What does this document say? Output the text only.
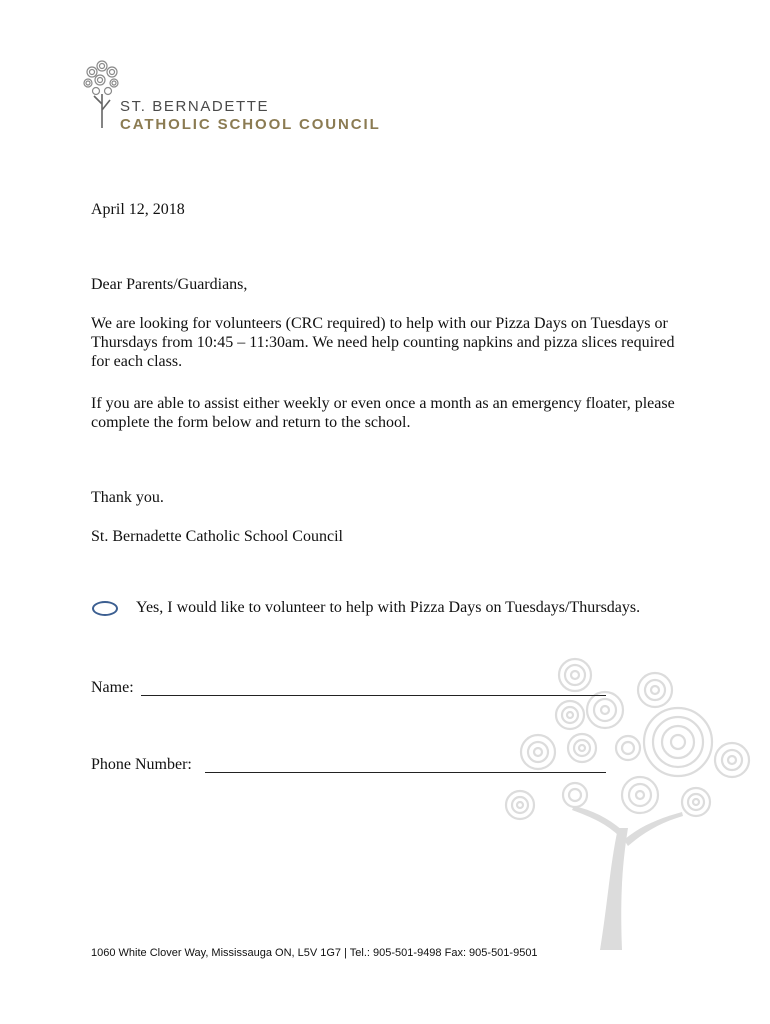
ST. BERNADETTE
CATHOLIC SCHOOL COUNCIL
April 12, 2018
Dear Parents/Guardians,
We are looking for volunteers (CRC required) to help with our Pizza Days on Tuesdays or Thursdays from 10:45 – 11:30am. We need help counting napkins and pizza slices required for each class.
If you are able to assist either weekly or even once a month as an emergency floater, please complete the form below and return to the school.
Thank you.
St. Bernadette Catholic School Council
Yes, I would like to volunteer to help with Pizza Days on Tuesdays/Thursdays.
Name:
Phone Number:
1060 White Clover Way, Mississauga ON, L5V 1G7 | Tel.: 905-501-9498 Fax: 905-501-9501
